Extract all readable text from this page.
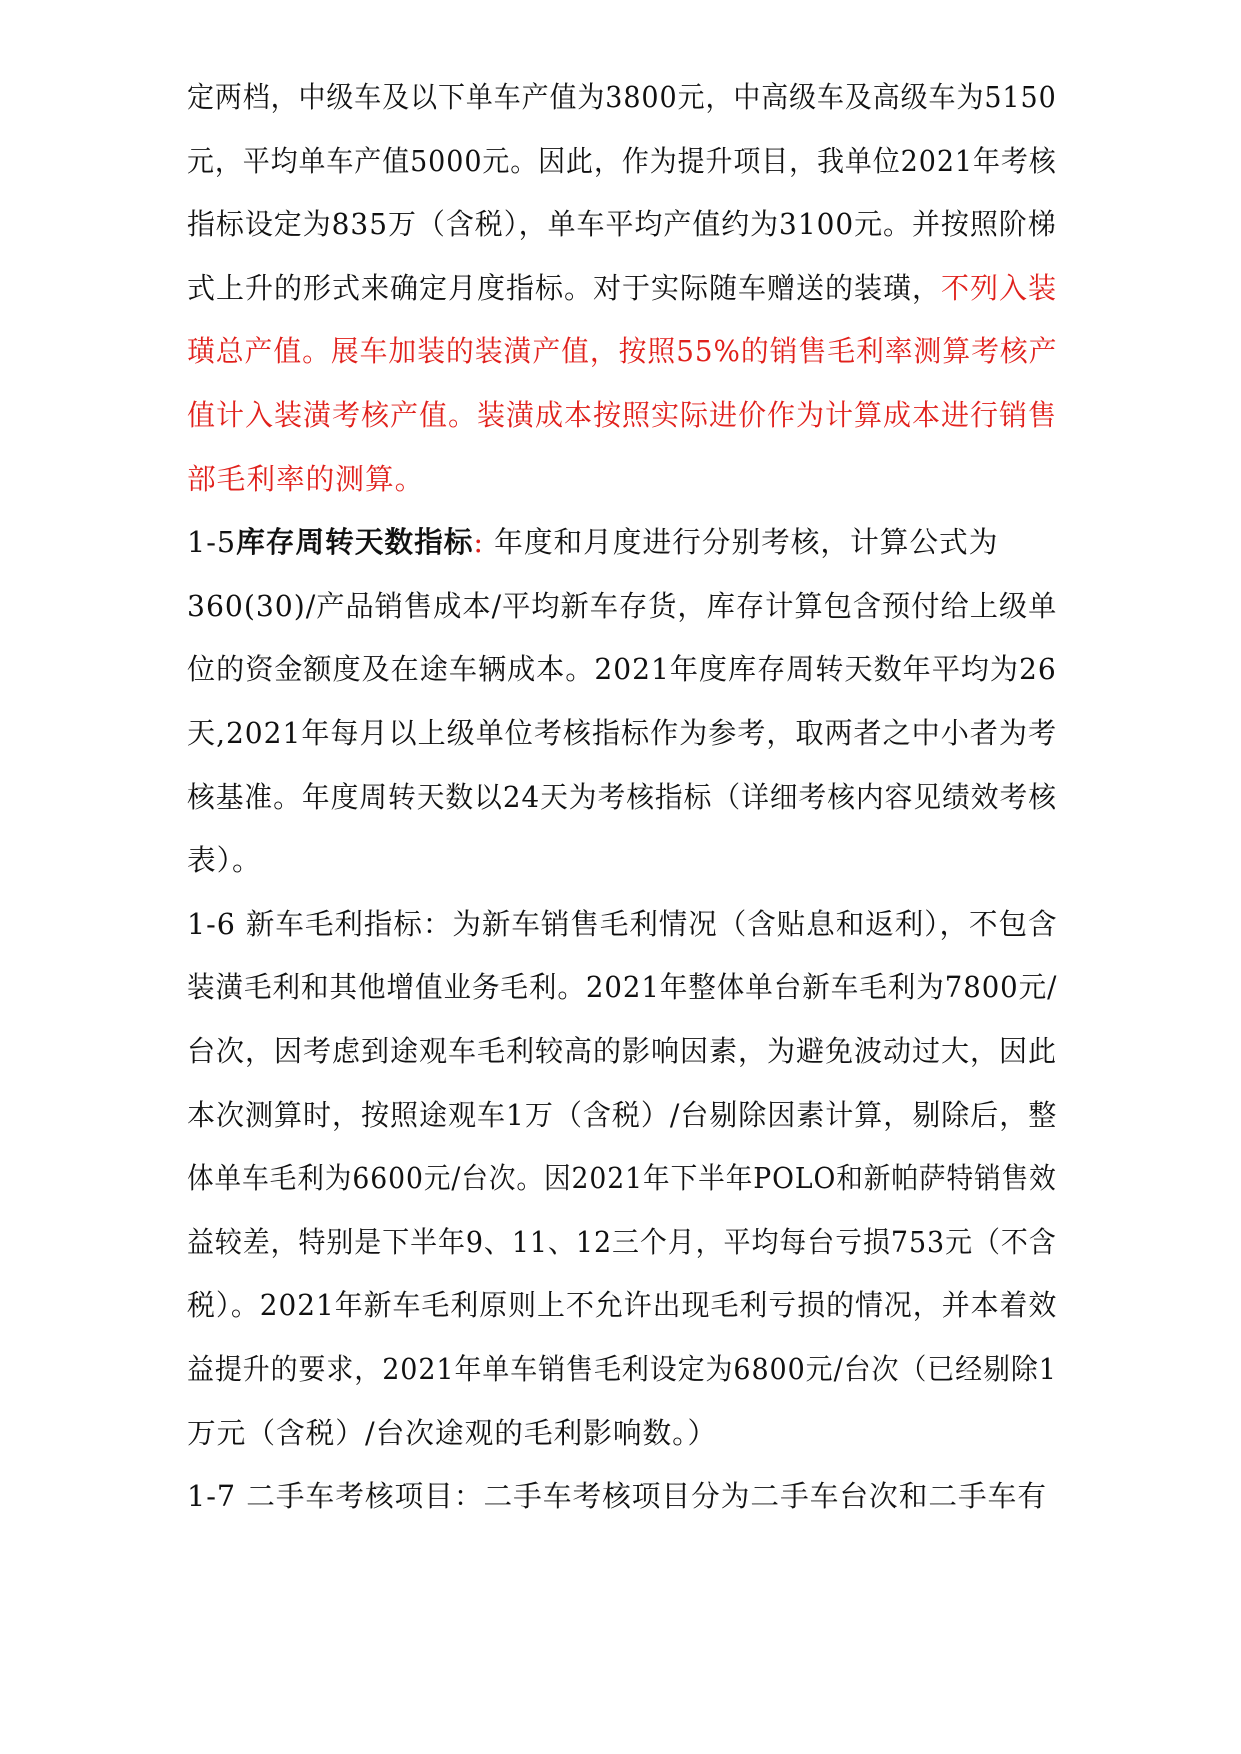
定两档，中级车及以下单车产值为3800元，中高级车及高级车为5150
元，平均单车产值5000元。因此，作为提升项目，我单位2021年考核
指标设定为835万（含税），单车平均产值约为3100元。并按照阶梯
式上升的形式来确定月度指标。对于实际随车赠送的装璜，不列入装
璜总产值。展车加装的装潢产值，按照55%的销售毛利率测算考核产
值计入装潢考核产值。装潢成本按照实际进价作为计算成本进行销售
部毛利率的测算。
1-5库存周转天数指标: 年度和月度进行分别考核，计算公式为
360(30)/产品销售成本/平均新车存货，库存计算包含预付给上级单
位的资金额度及在途车辆成本。2021年度库存周转天数年平均为26
天,2021年每月以上级单位考核指标作为参考，取两者之中小者为考
核基准。年度周转天数以24天为考核指标（详细考核内容见绩效考核
表）。
1-6 新车毛利指标：为新车销售毛利情况（含贴息和返利），不包含
装潢毛利和其他增值业务毛利。2021年整体单台新车毛利为7800元/
台次，因考虑到途观车毛利较高的影响因素，为避免波动过大，因此
本次测算时，按照途观车1万（含税）/台剔除因素计算，剔除后，整
体单车毛利为6600元/台次。因2021年下半年POLO和新帕萨特销售效
益较差，特别是下半年9、11、12三个月，平均每台亏损753元（不含
税）。2021年新车毛利原则上不允许出现毛利亏损的情况，并本着效
益提升的要求，2021年单车销售毛利设定为6800元/台次（已经剔除1
万元（含税）/台次途观的毛利影响数。）
1-7 二手车考核项目：二手车考核项目分为二手车台次和二手车有
